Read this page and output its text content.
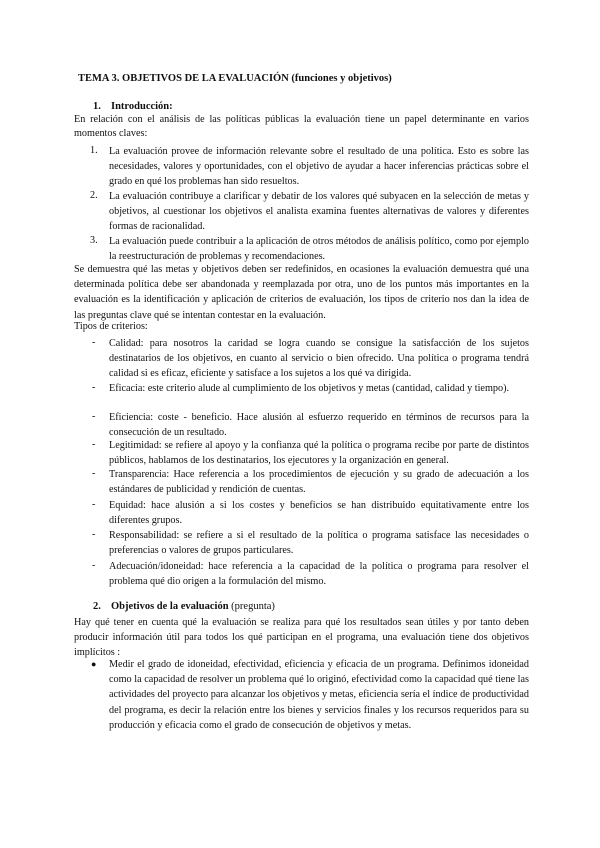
TEMA 3. OBJETIVOS DE LA EVALUACIÓN (funciones y objetivos)
1. Introducción:
En relación con el análisis de las políticas públicas la evaluación tiene un papel determinante en varios momentos claves:
1. La evaluación provee de información relevante sobre el resultado de una política. Esto es sobre las necesidades, valores y oportunidades, con el objetivo de ayudar a hacer inferencias prácticas sobre el grado en qué los problemas han sido resueltos.
2. La evaluación contribuye a clarificar y debatir de los valores qué subyacen en la selección de metas y objetivos, al cuestionar los objetivos el analista examina fuentes alternativas de valores y diferentes formas de racionalidad.
3. La evaluación puede contribuir a la aplicación de otros métodos de análisis político, como por ejemplo la reestructuración de problemas y recomendaciones.
Se demuestra qué las metas y objetivos deben ser redefinidos, en ocasiones la evaluación demuestra qué una determinada política debe ser abandonada y reemplazada por otra, uno de los puntos más importantes en la evaluación es la identificación y aplicación de criterios de evaluación, los tipos de criterio nos dan la idea de las preguntas clave qué se intentan contestar en la evaluación.
Tipos de criterios:
- Calidad: para nosotros la caridad se logra cuando se consigue la satisfacción de los sujetos destinatarios de los objetivos, en cuanto al servicio o bien ofrecido. Una política o programa tendrá calidad si es eficaz, eficiente y satisface a los sujetos a los qué va dirigida.
- Eficacia: este criterio alude al cumplimiento de los objetivos y metas (cantidad, calidad y tiempo).
- Eficiencia: coste - beneficio. Hace alusión al esfuerzo requerido en términos de recursos para la consecución de un resultado.
- Legitimidad: se refiere al apoyo y la confianza qué la política o programa recibe por parte de distintos públicos, hablamos de los destinatarios, los ejecutores y la organización en general.
- Transparencia: Hace referencia a los procedimientos de ejecución y su grado de adecuación a los estándares de publicidad y rendición de cuentas.
- Equidad: hace alusión a si los costes y beneficios se han distribuido equitativamente entre los diferentes grupos.
- Responsabilidad: se refiere a si el resultado de la política o programa satisface las necesidades o preferencias o valores de grupos particulares.
- Adecuación/idoneidad: hace referencia a la capacidad de la política o programa para resolver el problema qué dio origen a la formulación del mismo.
2. Objetivos de la evaluación (pregunta)
Hay qué tener en cuenta qué la evaluación se realiza para qué los resultados sean útiles y por tanto deben producir información útil para todos los qué participan en el programa, una evaluación tiene dos objetivos implícitos :
● Medir el grado de idoneidad, efectividad, eficiencia y eficacia de un programa. Definimos idoneidad como la capacidad de resolver un problema qué lo originó, efectividad como la capacidad qué tiene las actividades del proyecto para alcanzar los objetivos y metas, eficiencia sería el índice de productividad del programa, es decir la relación entre los bienes y servicios finales y los recursos requeridos para su producción y eficacia como el grado de consecución de objetivos y metas.
